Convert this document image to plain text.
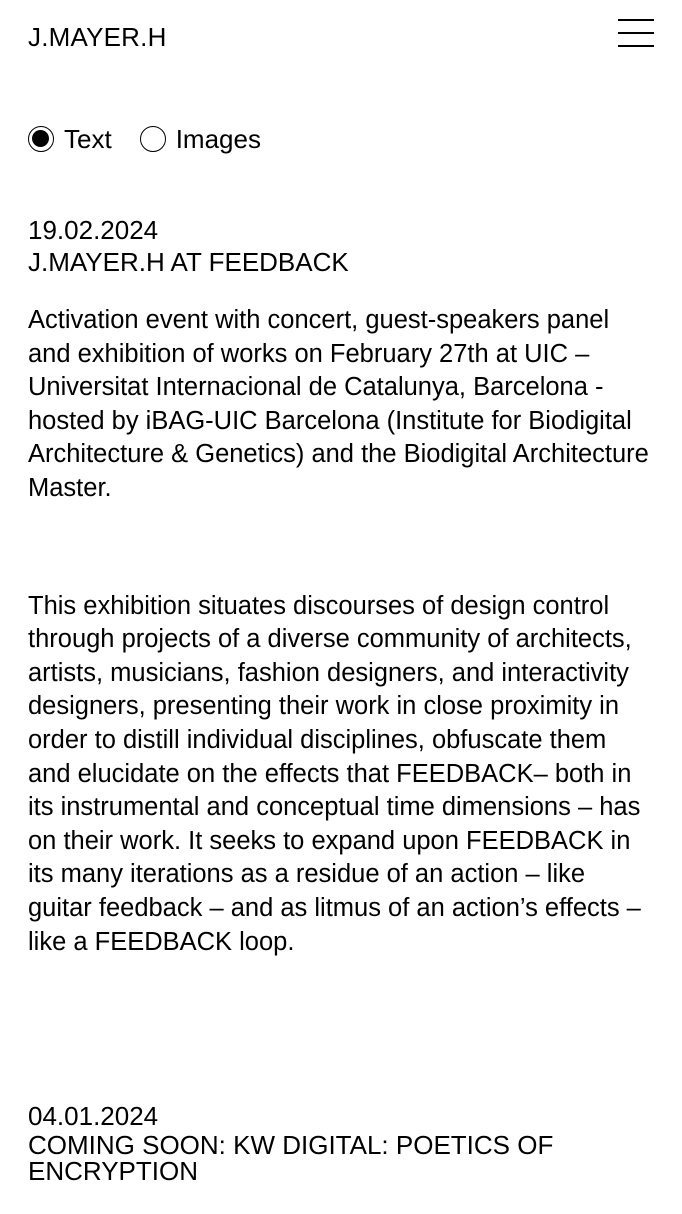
J.MAYER.H
Text Images
19.02.2024
J.MAYER.H AT FEEDBACK

Activation event with concert, guest-speakers panel and exhibition of works on February 27th at UIC – Universitat Internacional de Catalunya, Barcelona - hosted by iBAG-UIC Barcelona (Institute for Biodigital Architecture & Genetics) and the Biodigital Architecture Master.

This exhibition situates discourses of design control through projects of a diverse community of architects, artists, musicians, fashion designers, and interactivity designers, presenting their work in close proximity in order to distill individual disciplines, obfuscate them and elucidate on the effects that FEEDBACK– both in its instrumental and conceptual time dimensions – has on their work. It seeks to expand upon FEEDBACK in its many iterations as a residue of an action – like guitar feedback – and as litmus of an action’s effects – like a FEEDBACK loop.

04.01.2024
COMING SOON: KW DIGITAL: POETICS OF ENCRYPTION
